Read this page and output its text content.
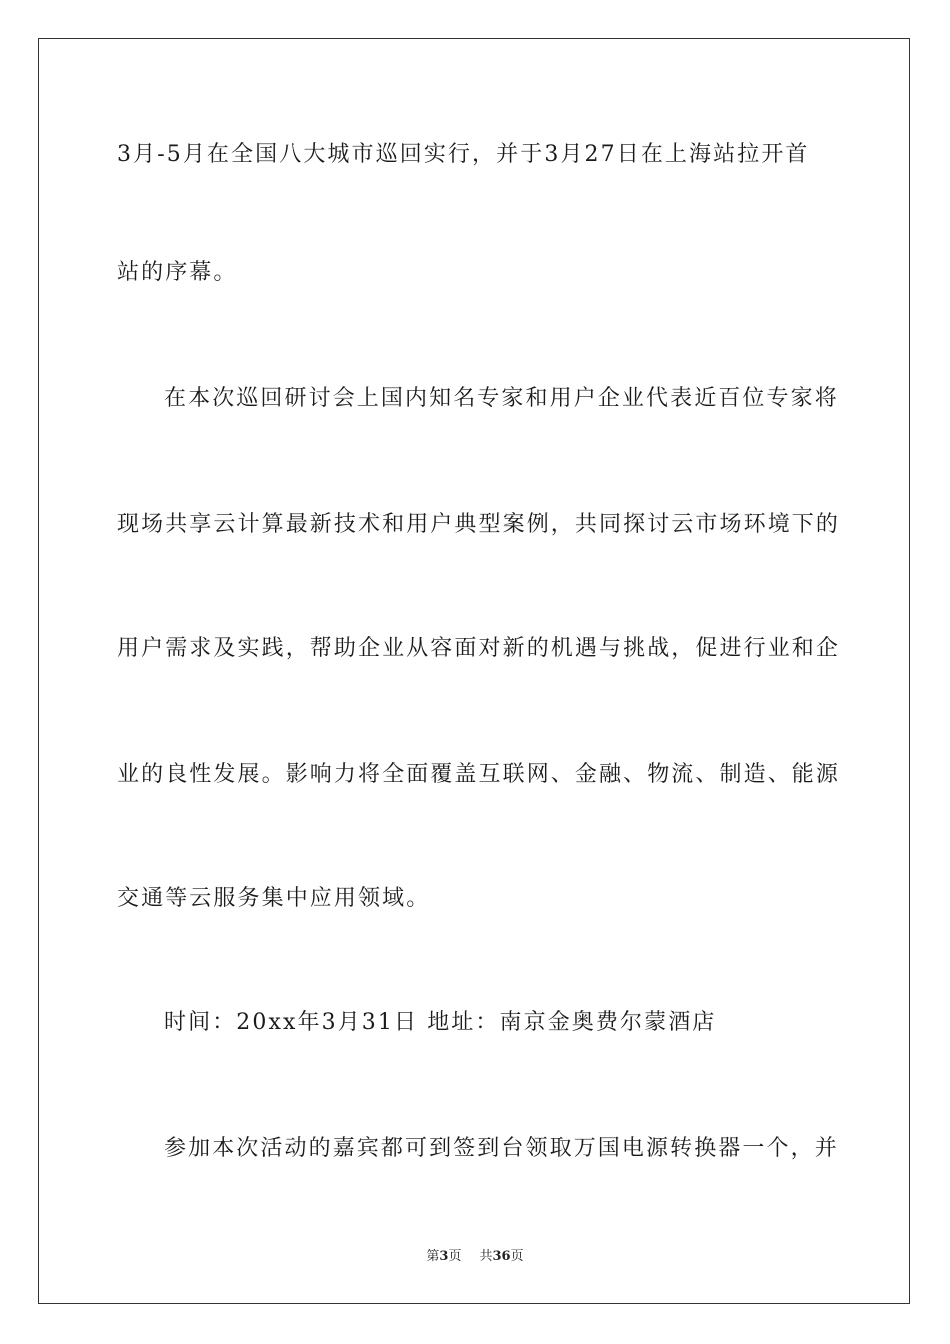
3月-5月在全国八大城市巡回实行，并于3月27日在上海站拉开首
站的序幕。
在本次巡回研讨会上国内知名专家和用户企业代表近百位专家将
现场共享云计算最新技术和用户典型案例，共同探讨云市场环境下的
用户需求及实践，帮助企业从容面对新的机遇与挑战，促进行业和企
业的良性发展。影响力将全面覆盖互联网、金融、物流、制造、能源
交通等云服务集中应用领域。
时间：20xx年3月31日 地址：南京金奥费尔蒙酒店
参加本次活动的嘉宾都可到签到台领取万国电源转换器一个，并
第3页 共36页
